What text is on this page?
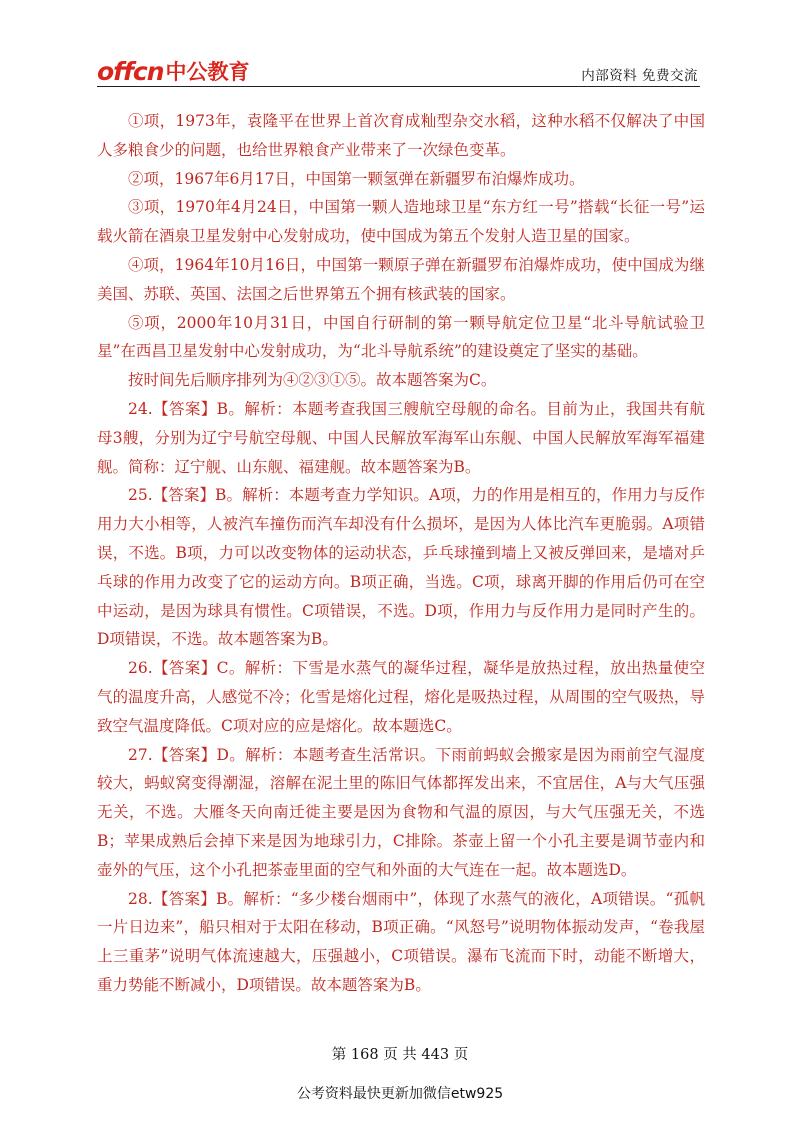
offcn 中公教育	内部资料 免费交流

①项，1973年，袁隆平在世界上首次育成籼型杂交水稻，这种水稻不仅解决了中国人多粮食少的问题，也给世界粮食产业带来了一次绿色变革。

②项，1967年6月17日，中国第一颗氢弹在新疆罗布泊爆炸成功。

③项，1970年4月24日，中国第一颗人造地球卫星“东方红一号”搭载“长征一号”运载火箭在酒泉卫星发射中心发射成功，使中国成为第五个发射人造卫星的国家。

④项，1964年10月16日，中国第一颗原子弹在新疆罗布泊爆炸成功，使中国成为继美国、苏联、英国、法国之后世界第五个拥有核武装的国家。

⑤项，2000年10月31日，中国自行研制的第一颗导航定位卫星“北斗导航试验卫星”在西昌卫星发射中心发射成功，为“北斗导航系统”的建设奠定了坚实的基础。

按时间先后顺序排列为④②③①⑤。故本题答案为C。

24.【答案】B。解析：本题考查我国三艘航空母舰的命名。目前为止，我国共有航母3艘，分别为辽宁号航空母舰、中国人民解放军海军山东舰、中国人民解放军海军福建舰。简称：辽宁舰、山东舰、福建舰。故本题答案为B。

25.【答案】B。解析：本题考查力学知识。A项，力的作用是相互的，作用力与反作用力大小相等，人被汽车撞伤而汽车却没有什么损坏，是因为人体比汽车更脆弱。A项错误，不选。B项，力可以改变物体的运动状态，乒乓球撞到墙上又被反弹回来，是墙对乒乓球的作用力改变了它的运动方向。B项正确，当选。C项，球离开脚的作用后仍可在空中运动，是因为球具有惯性。C项错误，不选。D项，作用力与反作用力是同时产生的。D项错误，不选。故本题答案为B。

26.【答案】C。解析：下雪是水蒸气的凝华过程，凝华是放热过程，放出热量使空气的温度升高，人感觉不冷；化雪是熔化过程，熔化是吸热过程，从周围的空气吸热，导致空气温度降低。C项对应的应是熔化。故本题选C。

27.【答案】D。解析：本题考查生活常识。下雨前蚂蚁会搬家是因为雨前空气湿度较大，蚂蚁窝变得潮湿，溶解在泥土里的陈旧气体都挥发出来，不宜居住，A与大气压强无关，不选。大雁冬天向南迁徙主要是因为食物和气温的原因，与大气压强无关，不选B；苹果成熟后会掉下来是因为地球引力，C排除。茶壶上留一个小孔主要是调节壶内和壶外的气压，这个小孔把茶壶里面的空气和外面的大气连在一起。故本题选D。

28.【答案】B。解析：“多少楼台烟雨中”，体现了水蒸气的液化，A项错误。“孤帆一片日边来”，船只相对于太阳在移动，B项正确。“风怒号”说明物体振动发声，“卷我屋上三重茅”说明气体流速越大，压强越小，C项错误。瀑布飞流而下时，动能不断增大，重力势能不断减小，D项错误。故本题答案为B。

第 168 页 共 443 页
公考资料最快更新加微信etw925
